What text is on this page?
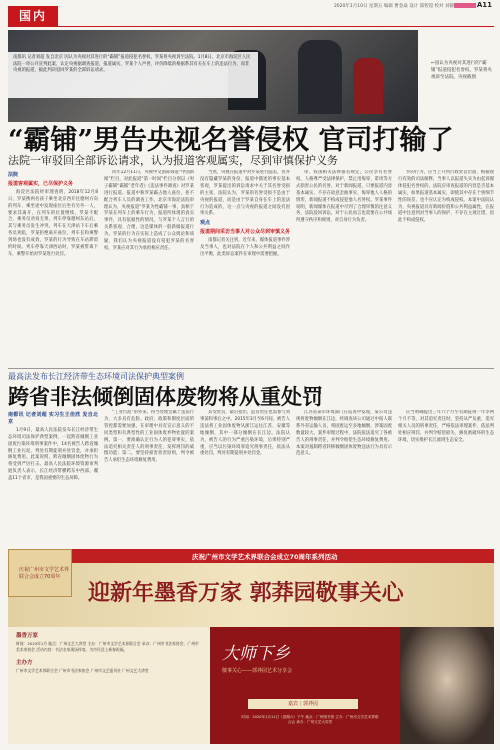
国内
2020年1月10日 星期五 编辑 曹金焱 设计 邵智超 校对 刘静	A11
南都讯 记者刘超 发自北京 因认为央视对其进行的“霸铺”报道侵犯名誉权，罗某将央视诉至法院。1月8日，北京市海淀区人民法院一审公开宣判此案，认定央视据调查报道，报道属实，罗某个人声誉，评价降低的根据系其有关在车上的违法行为，而非央视的报道，据此判决驳回罗某的全部诉讼请求。
←园认为央视对其进行的“霸铺”报道侵犯名誉权，罗某将央视诉至法院。央视截图
“霸铺”男告央视名誉侵权 官司打输了
法院一审驳回全部诉讼请求，认为报道客观属实，尽到审慎保护义务
法院
报道客观属实，已尽保护义务

海淀区法院经审理查明，2018年12月8日，罗某携两名孩子乘坐北京西开往德州方向的列车，乘坐途中发现座位后坐有另外一人，要求其离开，在列车的位置继续，罗某不配合，乘务员劝说无果，列车停靠德州东站后，其与乘务员发生冲突。列车在天津站下车后乘务员劝阻，罗某拒绝离开座位，列车长和乘警到场也没有成效，罗某的行为导致在车站滞留约时间。列车停靠天津西站时，罗某被带离下车，乘警开始对罗某进行处罚。

同年12月11日，央视中文国际频道“中国新闻”栏目，对此报道“第一时间”栏目分别以《男子霸铺“霸铺”老年者》《违法事件调查》对罗某进行报道。报道中称罗某霸占他人座位，拒不配合列车人员的调查工作。北京市海淀法院审理认为，央视报道“罗某为性霸铺一事，真相于罗某在列车上的乘车行为，报道所体现的真实事件，具有依据性的情况，与罗某个人言行的关系客观、合理，这是媒体的一般新闻报道行为。罗某的行为在实际上造成了公众舆论和质疑，我们认为央视报道没有侵犯罗某的名誉权，罗某应对其行为承担相应责任。

当然，央视在报道中对罗某进行隐去，但并没有隐藏罗某的身份，报道中描述的事实基本客观，罗某提出的诉讼请求中关于其名誉受损的主张，法院认为，罗某的名誉受损不是由于央视的报道，而是由于罗某自身在车上的违法行为造成的，这一点与央视的报道之间没有因果关系。

观点
报道期间采访当事人对公众尽到审慎义务

南都记者关注到，近年来，媒体报道事件涉及当事人，也对法院在个人和公共利益之间作出平衡，此类诉讼案件在审理中需要把握。

审，我国相关法律都有规定，公民享有名誉权，人格尊严受法律保护，禁止用侮辱、诽谤等方式损害公民的名誉。对于新闻报道，只要报道内容基本属实，不存在故意歪曲事实、侮辱他人人格的情形，新闻报道不构成侵犯他人名誉权。罗某事件说明，新闻媒体在报道中尽到了合理审慎的注意义务，法院驳回诉讼，对于公民而言也需要在公共场所遵守秩序和规则，对自身行为负责。

罗的行为，应当上升到行政处罚层面，根据现行有效的司法解释，当事人以报道失实为由起诉媒体侵犯名誉权的，法院应审查报道的内容是否基本属实，如果报道基本属实，即使其中存在个别细节性的误差，也不应认定为构成侵权。本案中法院认为，央视报道具有新闻价值和公共利益属性，在报道中注意到对当事人的保护，不存在主观过错，因此不构成侵权。

最高法发布长江经济带生态环境司法保护典型案例
跨省非法倾倒固体废物将从重处罚
南都讯 记者刘超 实习生王佳欣 发自北京

1月9日，最高人民法院发布长江经济带生态环境司法保护典型案例，一起跨省倾倒工业固废污染环境刑事案件中，14名被告人跨省倾倒工业污泥，判处有期徒刑并处罚金，并承担修复费用。此案说明，跨省倾倒固体废物行为将受到严厉打击。最高人民法院环境资源审判庭负责人表示，长江经济带横跨东中西部，覆盖11个省市，是我国重要的生态屏障。

“工业污泥”的外来，得当处理会属于违法行为，大多具有危险。政府、政策和制度层面的管控都需要加强，在审理中具有宣示意义的不同类型和有典型性的工业固体废弃物处置的案例。第一，要准确认定行为人的犯罪事实，依法追究相关责任人的刑事责任，发挥刑罚的威慑功能；第二，要坚持损害担责原则，判令被告人承担生态环境修复费用。

其受处罚，最后指出，监管责任也需参与到事前和事后之中。2015年3月至6月间，被告人违法将工业固体废物从浙江运往江苏、安徽等地倾倒，其中一部分倾倒在长江边。法院认为，被告人的行为严重污染环境，后果特别严重，应当以污染环境罪追究刑事责任，依法从重处罚，判处有期徒刑并处罚金。

江苏省某市环境部门在巡查中发现，某公司违规将废物倾倒在江边，经调查该公司通过中间人联系外省运输人员，将固废运至多地倾倒，涉案固废数量较大。案件审理过程中，法院依法追究了各被告人的刑事责任，并判令赔偿生态环境修复费用。本案对遏制跨省转移倾倒固体废物违法行为具有示范意义。

应当明确提出三年六个月至有期徒刑一年零两个月不等。对其追究责任时，坚持从严从重，追究相关人员的刑事责任，严格依法审理案件，依法判处相应刑罚，并判令赔偿损失，修复被破坏的生态环境，切实维护长江流域生态安全。

庆祝广州市文学艺术界联合会成立70周年
庆祝广州市文学艺术界联合会成立70周年系列活动
迎新年墨香万家 郭莽园敬事关心
墨香万家
时间：2020年1月 地点：广州文艺大讲堂 主办：广州市文学艺术界联合会 承办：广州市书法家协会、广州市美术家协会 活动内容：书法名家现场挥毫，为市民送上新春祝福。
主办方
广州市文学艺术界联合会 广州市书法家协会 广州市文艺报刊社 广州文艺大讲堂
大师下乡
敬事关心——郭莽园艺术分享会
嘉宾｜郭莽园
时间：2020年1月11日（星期六）下午 地点：广州图书馆 主办：广州市文学艺术界联合会 承办：广州文艺大讲堂
